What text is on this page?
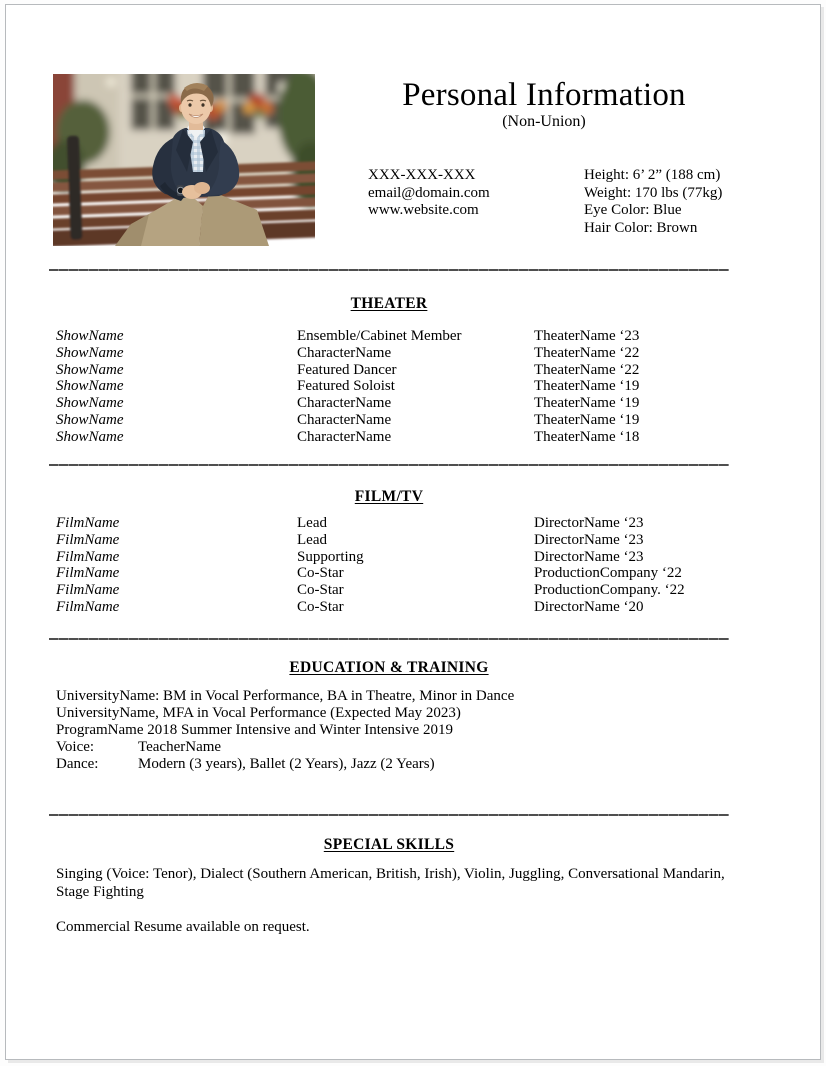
Personal Information
(Non-Union)
XXX-XXX-XXX
email@domain.com
www.website.com
Height: 6’ 2” (188 cm)
Weight: 170 lbs (77kg)
Eye Color: Blue
Hair Color: Brown
THEATER
ShowName	Ensemble/Cabinet Member	TheaterName ‘23
ShowName	CharacterName	TheaterName ‘22
ShowName	Featured Dancer	TheaterName ‘22
ShowName	Featured Soloist	TheaterName ‘19
ShowName	CharacterName	TheaterName ‘19
ShowName	CharacterName	TheaterName ‘19
ShowName	CharacterName	TheaterName ‘18
FILM/TV
FilmName	Lead	DirectorName ‘23
FilmName	Lead	DirectorName ‘23
FilmName	Supporting	DirectorName ‘23
FilmName	Co-Star	ProductionCompany ‘22
FilmName	Co-Star	ProductionCompany. ‘22
FilmName	Co-Star	DirectorName ‘20
EDUCATION & TRAINING
UniversityName: BM in Vocal Performance, BA in Theatre, Minor in Dance
UniversityName, MFA in Vocal Performance (Expected May 2023)
ProgramName 2018 Summer Intensive and Winter Intensive 2019
Voice:	TeacherName
Dance:	Modern (3 years), Ballet (2 Years), Jazz (2 Years)
SPECIAL SKILLS
Singing (Voice: Tenor), Dialect (Southern American, British, Irish), Violin, Juggling, Conversational Mandarin,
Stage Fighting
Commercial Resume available on request.
